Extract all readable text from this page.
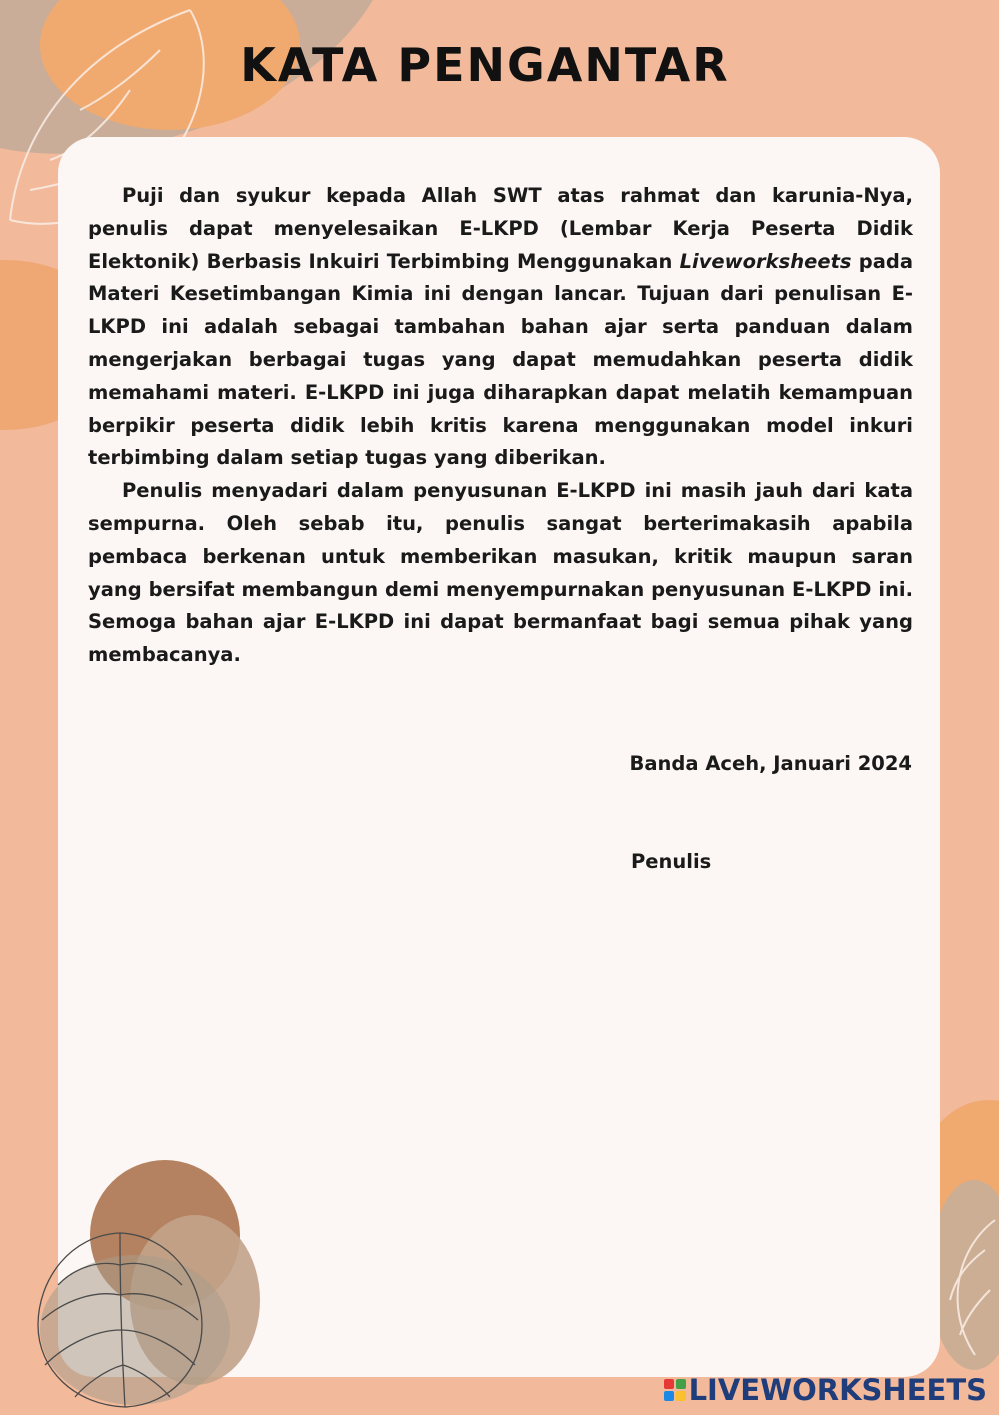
KATA PENGANTAR

Puji dan syukur kepada Allah SWT atas rahmat dan karunia-Nya, penulis dapat menyelesaikan E-LKPD (Lembar Kerja Peserta Didik Elektonik) Berbasis Inkuiri Terbimbing Menggunakan Liveworksheets pada Materi Kesetimbangan Kimia ini dengan lancar. Tujuan dari penulisan E-LKPD ini adalah sebagai tambahan bahan ajar serta panduan dalam mengerjakan berbagai tugas yang dapat memudahkan peserta didik memahami materi. E-LKPD ini juga diharapkan dapat melatih kemampuan berpikir peserta didik lebih kritis karena menggunakan model inkuri terbimbing dalam setiap tugas yang diberikan.

Penulis menyadari dalam penyusunan E-LKPD ini masih jauh dari kata sempurna. Oleh sebab itu, penulis sangat berterimakasih apabila pembaca berkenan untuk memberikan masukan, kritik maupun saran yang bersifat membangun demi menyempurnakan penyusunan E-LKPD ini. Semoga bahan ajar E-LKPD ini dapat bermanfaat bagi semua pihak yang membacanya.

Banda Aceh, Januari 2024
Penulis
LIVEWORKSHEETS
